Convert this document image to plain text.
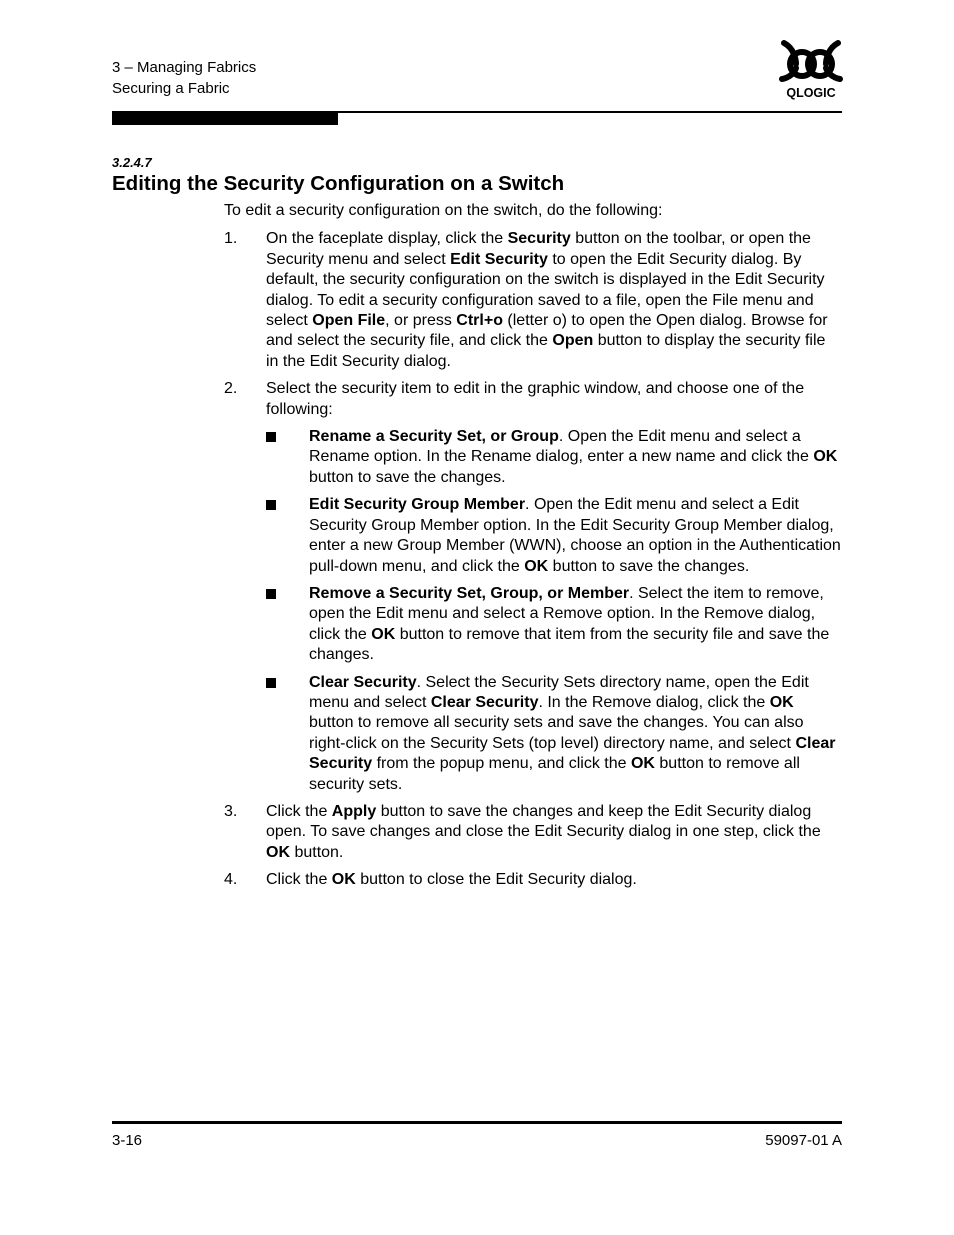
3 – Managing Fabrics
Securing a Fabric	QLOGIC
3.2.4.7
Editing the Security Configuration on a Switch

To edit a security configuration on the switch, do the following:

1. On the faceplate display, click the Security button on the toolbar, or open the Security menu and select Edit Security to open the Edit Security dialog. By default, the security configuration on the switch is displayed in the Edit Security dialog. To edit a security configuration saved to a file, open the File menu and select Open File, or press Ctrl+o (letter o) to open the Open dialog. Browse for and select the security file, and click the Open button to display the security file in the Edit Security dialog.
2. Select the security item to edit in the graphic window, and choose one of the following:
Rename a Security Set, or Group. Open the Edit menu and select a Rename option. In the Rename dialog, enter a new name and click the OK button to save the changes.
Edit Security Group Member. Open the Edit menu and select a Edit Security Group Member option. In the Edit Security Group Member dialog, enter a new Group Member (WWN), choose an option in the Authentication pull-down menu, and click the OK button to save the changes.
Remove a Security Set, Group, or Member. Select the item to remove, open the Edit menu and select a Remove option. In the Remove dialog, click the OK button to remove that item from the security file and save the changes.
Clear Security. Select the Security Sets directory name, open the Edit menu and select Clear Security. In the Remove dialog, click the OK button to remove all security sets and save the changes. You can also right-click on the Security Sets (top level) directory name, and select Clear Security from the popup menu, and click the OK button to remove all security sets.
3. Click the Apply button to save the changes and keep the Edit Security dialog open. To save changes and close the Edit Security dialog in one step, click the OK button.
4. Click the OK button to close the Edit Security dialog.
3-16	59097-01 A
